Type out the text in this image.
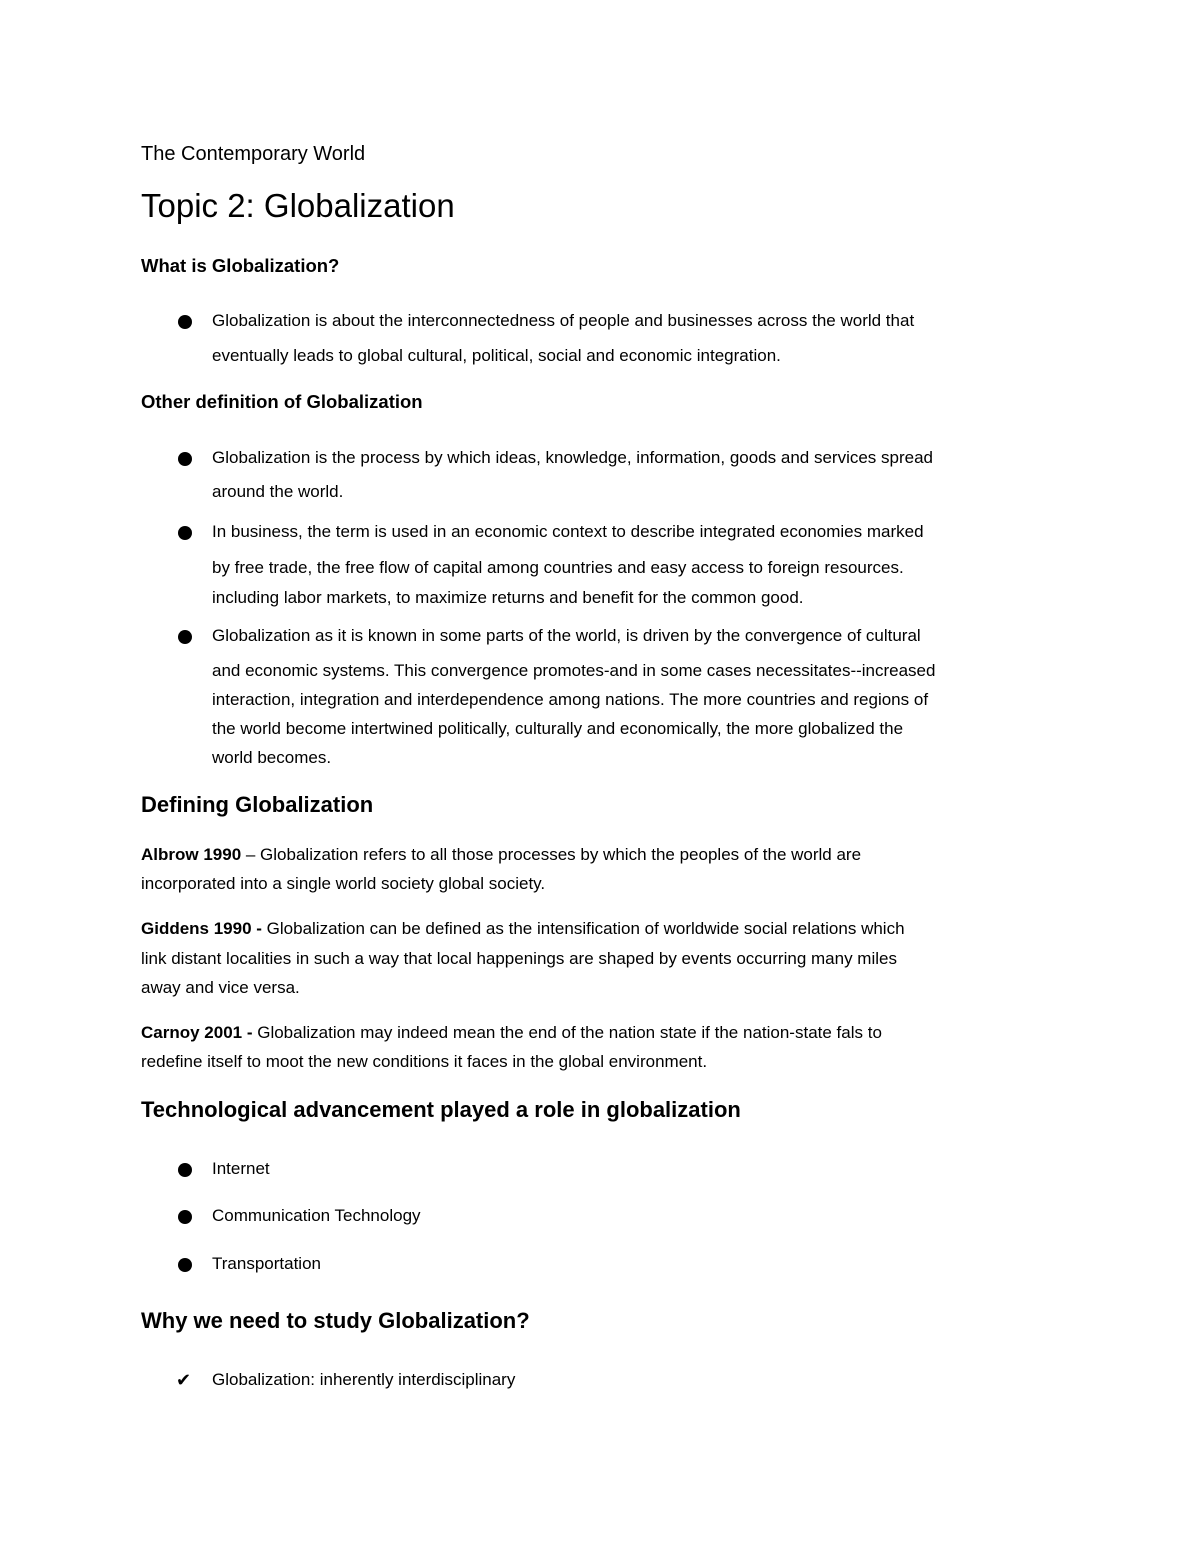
The Contemporary World
Topic 2: Globalization
What is Globalization?
Globalization is about the interconnectedness of people and businesses across the world that
eventually leads to global cultural, political, social and economic integration.
Other definition of Globalization
Globalization is the process by which ideas, knowledge, information, goods and services spread
around the world.
In business, the term is used in an economic context to describe integrated economies marked
by free trade, the free flow of capital among countries and easy access to foreign resources.
including labor markets, to maximize returns and benefit for the common good.
Globalization as it is known in some parts of the world, is driven by the convergence of cultural
and economic systems. This convergence promotes-and in some cases necessitates--increased
interaction, integration and interdependence among nations. The more countries and regions of
the world become intertwined politically, culturally and economically, the more globalized the
world becomes.
Defining Globalization
Albrow 1990 – Globalization refers to all those processes by which the peoples of the world are
incorporated into a single world society global society.
Giddens 1990 - Globalization can be defined as the intensification of worldwide social relations which
link distant localities in such a way that local happenings are shaped by events occurring many miles
away and vice versa.
Carnoy 2001 - Globalization may indeed mean the end of the nation state if the nation-state fals to
redefine itself to moot the new conditions it faces in the global environment.
Technological advancement played a role in globalization
Internet
Communication Technology
Transportation
Why we need to study Globalization?
✔ Globalization: inherently interdisciplinary
